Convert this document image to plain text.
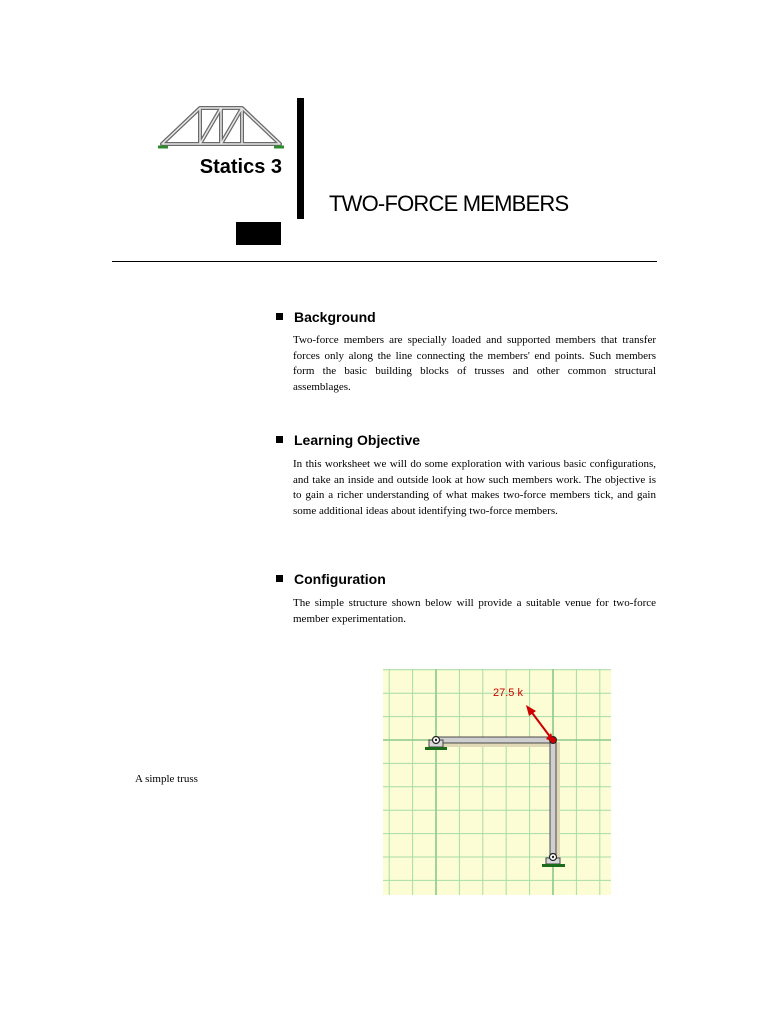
Statics 3
TWO-FORCE MEMBERS
Background
Two-force members are specially loaded and supported members that transfer forces only along the line connecting the members' end points. Such members form the basic building blocks of trusses and other common structural assemblages.
Learning Objective
In this worksheet we will do some exploration with various basic configurations, and take an inside and outside look at how such members work. The objective is to gain a richer understanding of what makes two-force members tick, and gain some additional ideas about identifying two-force members.
Configuration
The simple structure shown below will provide a suitable venue for two-force member experimentation.
A simple truss
27.5 k
